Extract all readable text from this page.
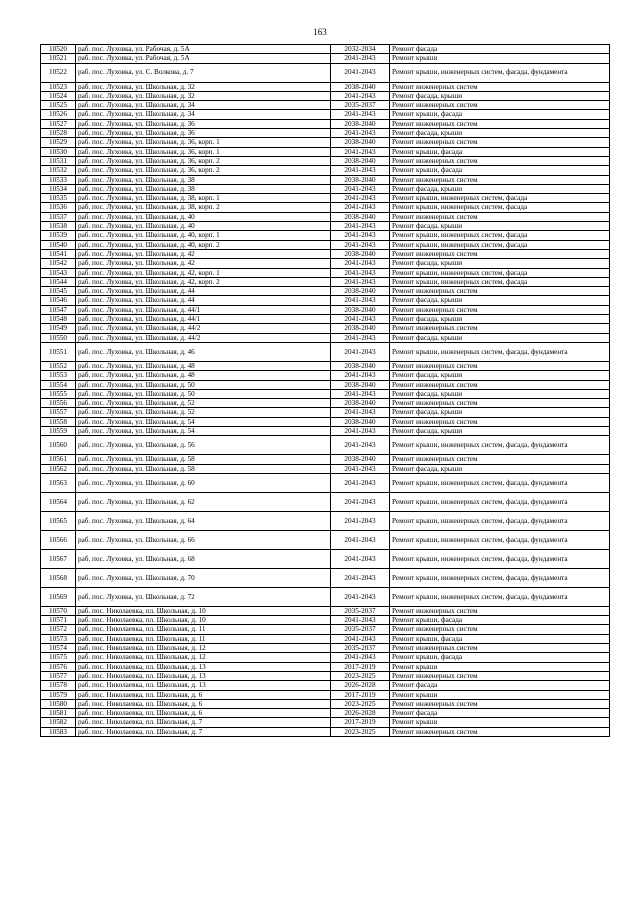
163
10520	раб. пос. Луховка, ул. Рабочая, д. 5А	2032-2034	Ремонт фасада
10521	раб. пос. Луховка, ул. Рабочая, д. 5А	2041-2043	Ремонт крыши
10522	раб. пос. Луховка, ул. С. Волкова, д. 7	2041-2043	Ремонт крыши, инженерных систем, фасада, фундамента
10523	раб. пос. Луховка, ул. Школьная, д. 32	2038-2040	Ремонт инженерных систем
10524	раб. пос. Луховка, ул. Школьная, д. 32	2041-2043	Ремонт фасада, крыши
10525	раб. пос. Луховка, ул. Школьная, д. 34	2035-2037	Ремонт инженерных систем
10526	раб. пос. Луховка, ул. Школьная, д. 34	2041-2043	Ремонт крыши, фасада
10527	раб. пос. Луховка, ул. Школьная, д. 36	2038-2040	Ремонт инженерных систем
10528	раб. пос. Луховка, ул. Школьная, д. 36	2041-2043	Ремонт фасада, крыши
10529	раб. пос. Луховка, ул. Школьная, д. 36, корп. 1	2038-2040	Ремонт инженерных систем
10530	раб. пос. Луховка, ул. Школьная, д. 36, корп. 1	2041-2043	Ремонт крыши, фасада
10531	раб. пос. Луховка, ул. Школьная, д. 36, корп. 2	2038-2040	Ремонт инженерных систем
10532	раб. пос. Луховка, ул. Школьная, д. 36, корп. 2	2041-2043	Ремонт крыши, фасада
10533	раб. пос. Луховка, ул. Школьная, д. 38	2038-2040	Ремонт инженерных систем
10534	раб. пос. Луховка, ул. Школьная, д. 38	2041-2043	Ремонт фасада, крыши
10535	раб. пос. Луховка, ул. Школьная, д. 38, корп. 1	2041-2043	Ремонт крыши, инженерных систем, фасада
10536	раб. пос. Луховка, ул. Школьная, д. 38, корп. 2	2041-2043	Ремонт крыши, инженерных систем, фасада
10537	раб. пос. Луховка, ул. Школьная, д. 40	2038-2040	Ремонт инженерных систем
10538	раб. пос. Луховка, ул. Школьная, д. 40	2041-2043	Ремонт фасада, крыши
10539	раб. пос. Луховка, ул. Школьная, д. 40, корп. 1	2041-2043	Ремонт крыши, инженерных систем, фасада
10540	раб. пос. Луховка, ул. Школьная, д. 40, корп. 2	2041-2043	Ремонт крыши, инженерных систем, фасада
10541	раб. пос. Луховка, ул. Школьная, д. 42	2038-2040	Ремонт инженерных систем
10542	раб. пос. Луховка, ул. Школьная, д. 42	2041-2043	Ремонт фасада, крыши
10543	раб. пос. Луховка, ул. Школьная, д. 42, корп. 1	2041-2043	Ремонт крыши, инженерных систем, фасада
10544	раб. пос. Луховка, ул. Школьная, д. 42, корп. 2	2041-2043	Ремонт крыши, инженерных систем, фасада
10545	раб. пос. Луховка, ул. Школьная, д. 44	2038-2040	Ремонт инженерных систем
10546	раб. пос. Луховка, ул. Школьная, д. 44	2041-2043	Ремонт фасада, крыши
10547	раб. пос. Луховка, ул. Школьная, д. 44/1	2038-2040	Ремонт инженерных систем
10548	раб. пос. Луховка, ул. Школьная, д. 44/1	2041-2043	Ремонт фасада, крыши
10549	раб. пос. Луховка, ул. Школьная, д. 44/2	2038-2040	Ремонт инженерных систем
10550	раб. пос. Луховка, ул. Школьная, д. 44/2	2041-2043	Ремонт фасада, крыши
10551	раб. пос. Луховка, ул. Школьная, д. 46	2041-2043	Ремонт крыши, инженерных систем, фасада, фундамента
10552	раб. пос. Луховка, ул. Школьная, д. 48	2038-2040	Ремонт инженерных систем
10553	раб. пос. Луховка, ул. Школьная, д. 48	2041-2043	Ремонт фасада, крыши
10554	раб. пос. Луховка, ул. Школьная, д. 50	2038-2040	Ремонт инженерных систем
10555	раб. пос. Луховка, ул. Школьная, д. 50	2041-2043	Ремонт фасада, крыши
10556	раб. пос. Луховка, ул. Школьная, д. 52	2038-2040	Ремонт инженерных систем
10557	раб. пос. Луховка, ул. Школьная, д. 52	2041-2043	Ремонт фасада, крыши
10558	раб. пос. Луховка, ул. Школьная, д. 54	2038-2040	Ремонт инженерных систем
10559	раб. пос. Луховка, ул. Школьная, д. 54	2041-2043	Ремонт фасада, крыши
10560	раб. пос. Луховка, ул. Школьная, д. 56	2041-2043	Ремонт крыши, инженерных систем, фасада, фундамента
10561	раб. пос. Луховка, ул. Школьная, д. 58	2038-2040	Ремонт инженерных систем
10562	раб. пос. Луховка, ул. Школьная, д. 58	2041-2043	Ремонт фасада, крыши
10563	раб. пос. Луховка, ул. Школьная, д. 60	2041-2043	Ремонт крыши, инженерных систем, фасада, фундамента
10564	раб. пос. Луховка, ул. Школьная, д. 62	2041-2043	Ремонт крыши, инженерных систем, фасада, фундамента
10565	раб. пос. Луховка, ул. Школьная, д. 64	2041-2043	Ремонт крыши, инженерных систем, фасада, фундамента
10566	раб. пос. Луховка, ул. Школьная, д. 66	2041-2043	Ремонт крыши, инженерных систем, фасада, фундамента
10567	раб. пос. Луховка, ул. Школьная, д. 68	2041-2043	Ремонт крыши, инженерных систем, фасада, фундамента
10568	раб. пос. Луховка, ул. Школьная, д. 70	2041-2043	Ремонт крыши, инженерных систем, фасада, фундамента
10569	раб. пос. Луховка, ул. Школьная, д. 72	2041-2043	Ремонт крыши, инженерных систем, фасада, фундамента
10570	раб. пос. Николаевка, пл. Школьная, д. 10	2035-2037	Ремонт инженерных систем
10571	раб. пос. Николаевка, пл. Школьная, д. 10	2041-2043	Ремонт крыши, фасада
10572	раб. пос. Николаевка, пл. Школьная, д. 11	2035-2037	Ремонт инженерных систем
10573	раб. пос. Николаевка, пл. Школьная, д. 11	2041-2043	Ремонт крыши, фасада
10574	раб. пос. Николаевка, пл. Школьная, д. 12	2035-2037	Ремонт инженерных систем
10575	раб. пос. Николаевка, пл. Школьная, д. 12	2041-2043	Ремонт крыши, фасада
10576	раб. пос. Николаевка, пл. Школьная, д. 13	2017-2019	Ремонт крыши
10577	раб. пос. Николаевка, пл. Школьная, д. 13	2023-2025	Ремонт инженерных систем
10578	раб. пос. Николаевка, пл. Школьная, д. 13	2026-2028	Ремонт фасада
10579	раб. пос. Николаевка, пл. Школьная, д. 6	2017-2019	Ремонт крыши
10580	раб. пос. Николаевка, пл. Школьная, д. 6	2023-2025	Ремонт инженерных систем
10581	раб. пос. Николаевка, пл. Школьная, д. 6	2026-2028	Ремонт фасада
10582	раб. пос. Николаевка, пл. Школьная, д. 7	2017-2019	Ремонт крыши
10583	раб. пос. Николаевка, пл. Школьная, д. 7	2023-2025	Ремонт инженерных систем
